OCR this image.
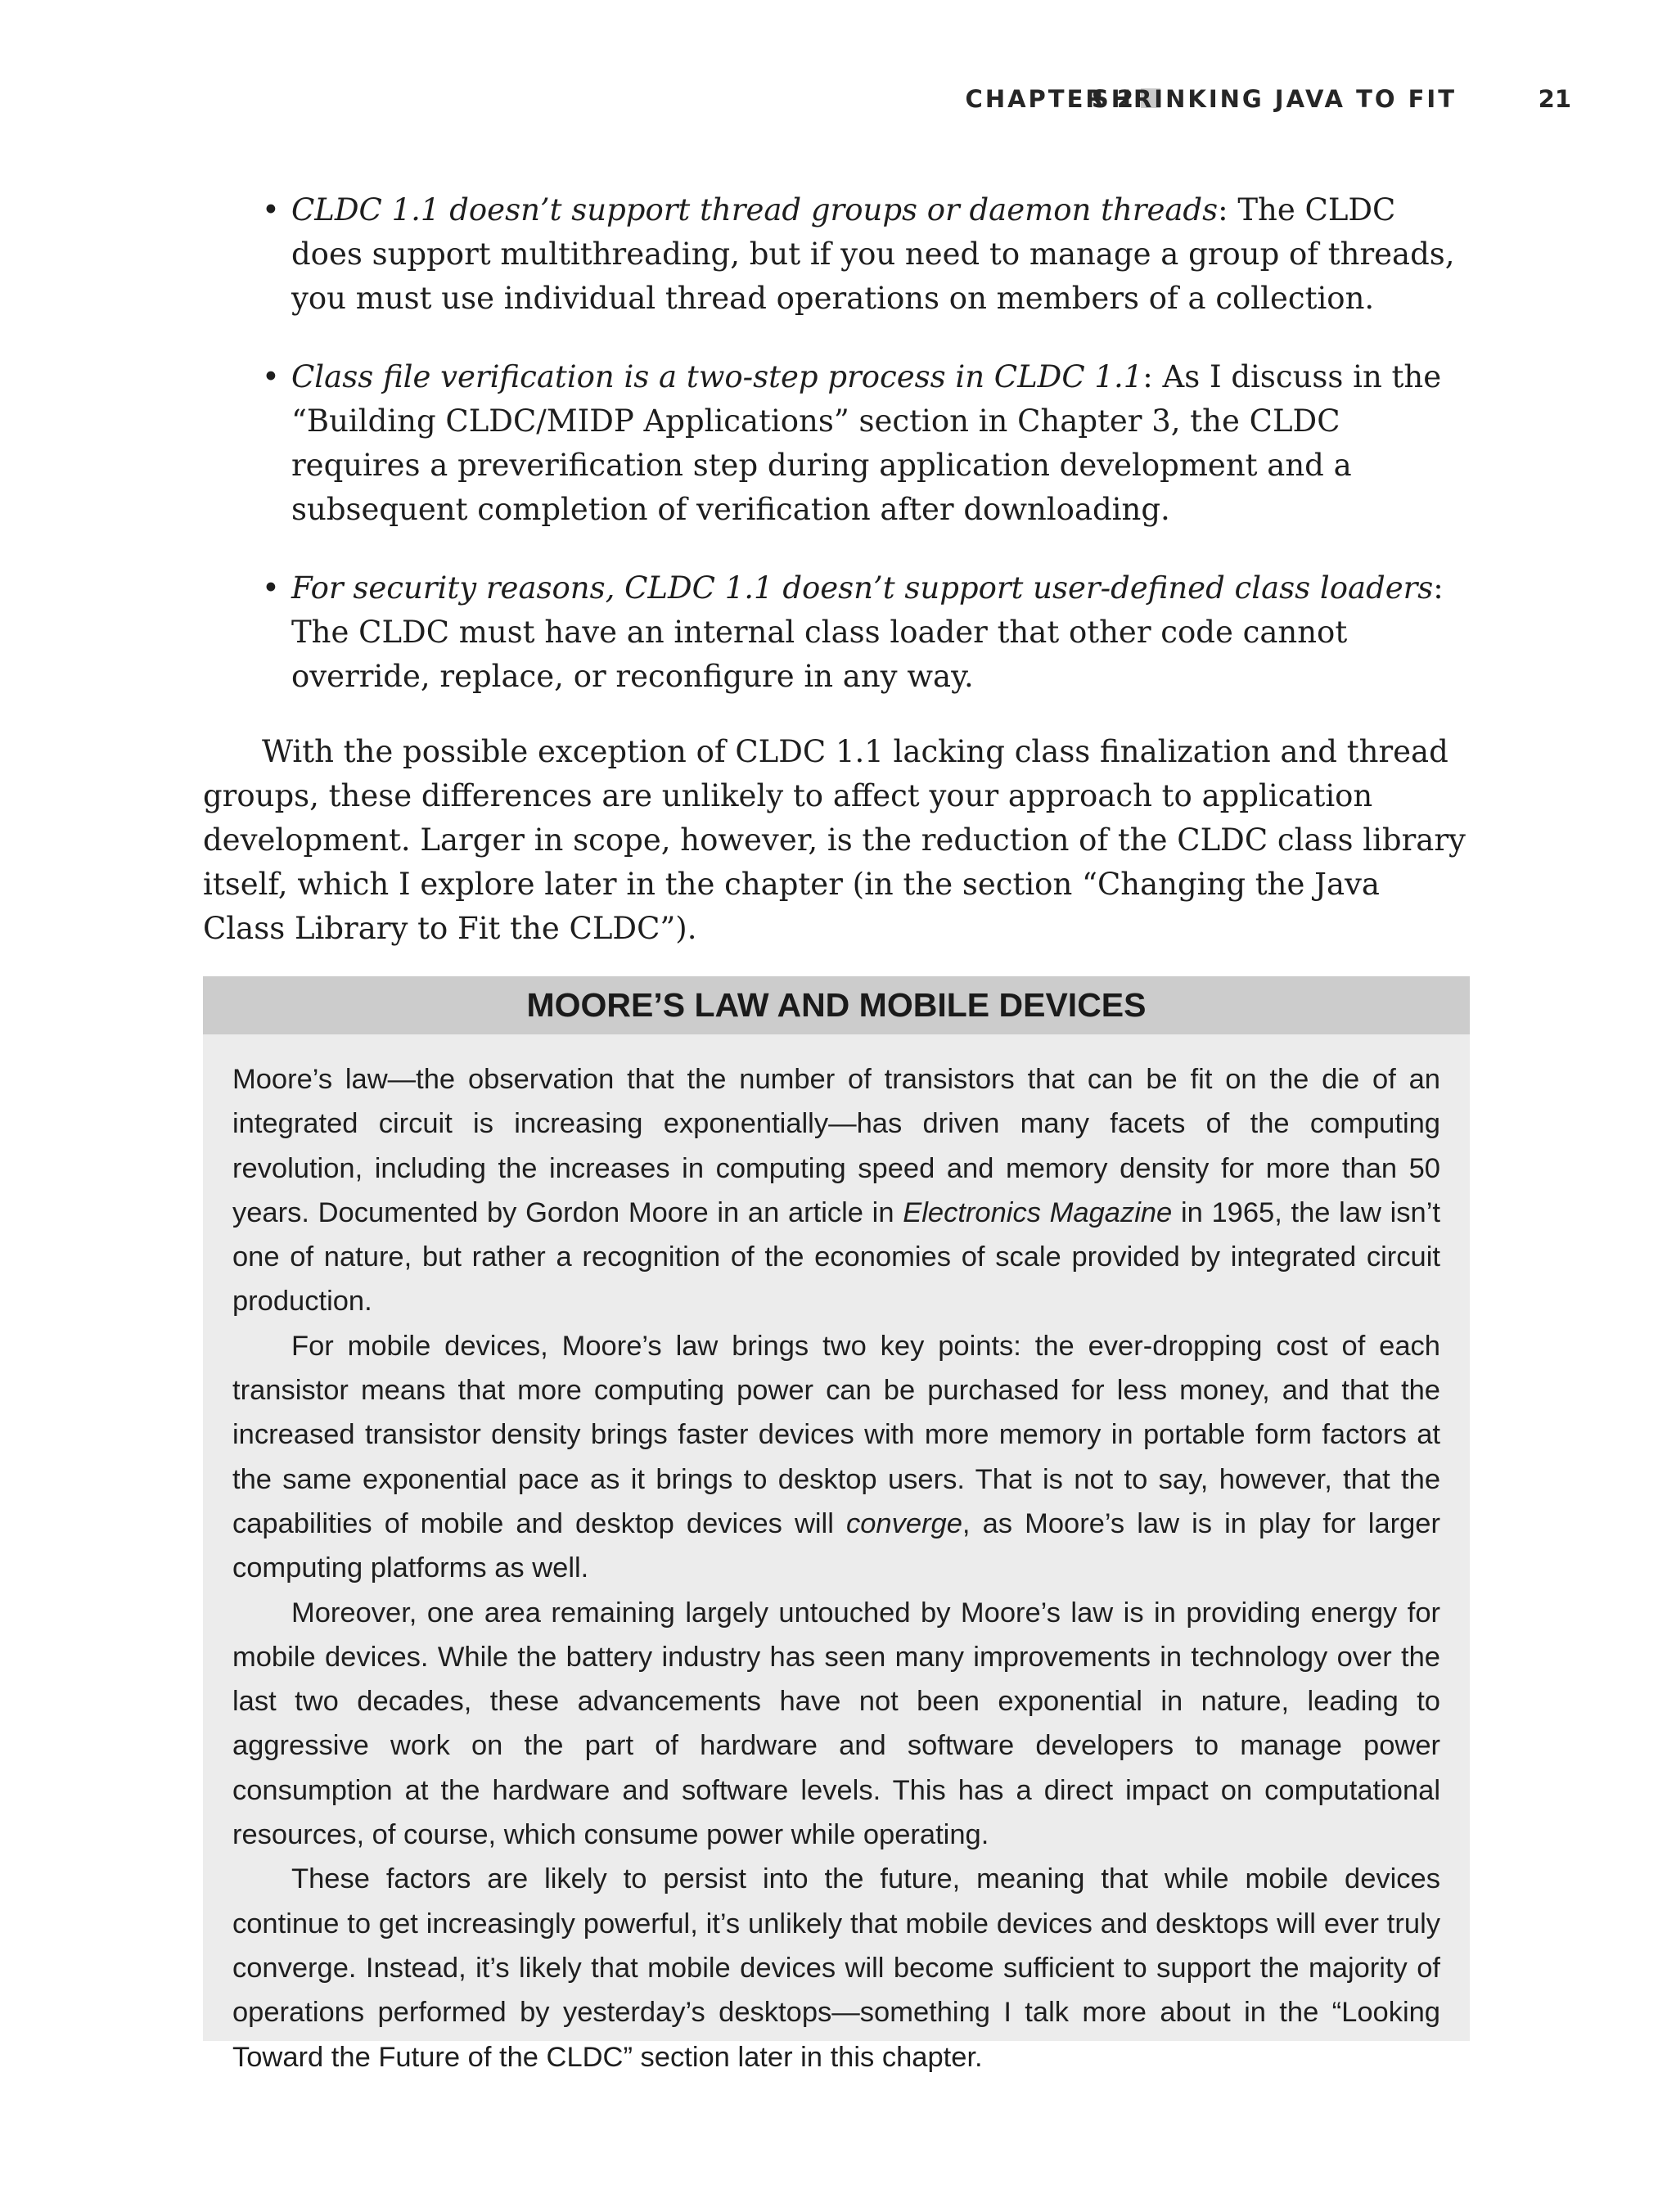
CHAPTER 2
SHRINKING JAVA TO FIT	21
• CLDC 1.1 doesn’t support thread groups or daemon threads: The CLDC does support multithreading, but if you need to manage a group of threads, you must use individual thread operations on members of a collection.
• Class file verification is a two-step process in CLDC 1.1: As I discuss in the “Building CLDC/MIDP Applications” section in Chapter 3, the CLDC requires a preverification step during application development and a subsequent completion of verification after downloading.
• For security reasons, CLDC 1.1 doesn’t support user-defined class loaders: The CLDC must have an internal class loader that other code cannot override, replace, or reconfigure in any way.

With the possible exception of CLDC 1.1 lacking class finalization and thread groups, these differences are unlikely to affect your approach to application development. Larger in scope, however, is the reduction of the CLDC class library itself, which I explore later in the chapter (in the section “Changing the Java Class Library to Fit the CLDC”).

MOORE’S LAW AND MOBILE DEVICES

Moore’s law—the observation that the number of transistors that can be fit on the die of an integrated circuit is increasing exponentially—has driven many facets of the computing revolution, including the increases in computing speed and memory density for more than 50 years. Documented by Gordon Moore in an article in Electronics Magazine in 1965, the law isn’t one of nature, but rather a recognition of the economies of scale provided by integrated circuit production.

For mobile devices, Moore’s law brings two key points: the ever-dropping cost of each transistor means that more computing power can be purchased for less money, and that the increased transistor density brings faster devices with more memory in portable form factors at the same exponential pace as it brings to desktop users. That is not to say, however, that the capabilities of mobile and desktop devices will converge, as Moore’s law is in play for larger computing platforms as well.

Moreover, one area remaining largely untouched by Moore’s law is in providing energy for mobile devices. While the battery industry has seen many improvements in technology over the last two decades, these advancements have not been exponential in nature, leading to aggressive work on the part of hardware and software developers to manage power consumption at the hardware and software levels. This has a direct impact on computational resources, of course, which consume power while operating.

These factors are likely to persist into the future, meaning that while mobile devices continue to get increasingly powerful, it’s unlikely that mobile devices and desktops will ever truly converge. Instead, it’s likely that mobile devices will become sufficient to support the majority of operations performed by yesterday’s desktops—something I talk more about in the “Looking Toward the Future of the CLDC” section later in this chapter.
